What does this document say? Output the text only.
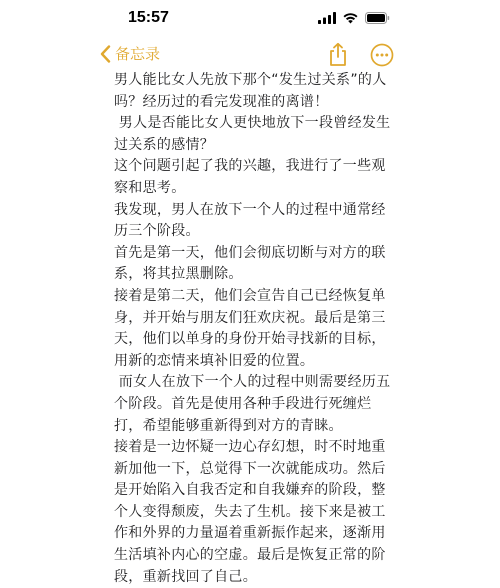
15:57
备忘录

男人能比女人先放下那个“发生过关系”的人吗？经历过的看完发现准的离谱！

男人是否能比女人更快地放下一段曾经发生过关系的感情？

这个问题引起了我的兴趣，我进行了一些观察和思考。

我发现，男人在放下一个人的过程中通常经历三个阶段。

首先是第一天，他们会彻底切断与对方的联系，将其拉黑删除。

接着是第二天，他们会宣告自己已经恢复单身，并开始与朋友们狂欢庆祝。最后是第三天，他们以单身的身份开始寻找新的目标，用新的恋情来填补旧爱的位置。

而女人在放下一个人的过程中则需要经历五个阶段。首先是使用各种手段进行死缠烂打，希望能够重新得到对方的青睐。

接着是一边怀疑一边心存幻想，时不时地重新加他一下，总觉得下一次就能成功。然后是开始陷入自我否定和自我嫌弃的阶段，整个人变得颓废，失去了生机。接下来是被工作和外界的力量逼着重新振作起来，逐渐用生活填补内心的空虚。最后是恢复正常的阶段，重新找回了自己。
